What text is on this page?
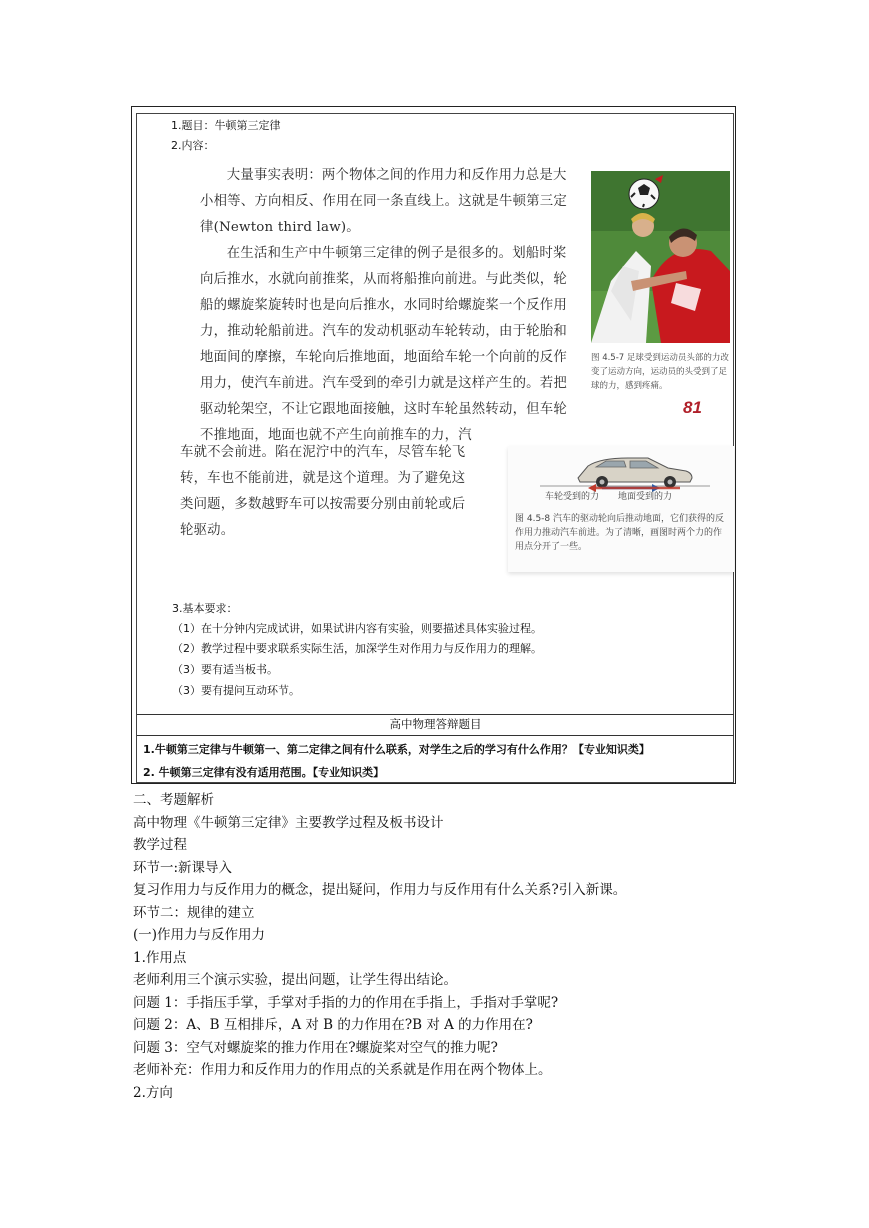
1.题目：牛顿第三定律
2.内容：

大量事实表明：两个物体之间的作用力和反作用力总是大小相等、方向相反、作用在同一条直线上。这就是牛顿第三定律(Newton third law)。

在生活和生产中牛顿第三定律的例子是很多的。划船时桨向后推水，水就向前推桨，从而将船推向前进。与此类似，轮船的螺旋桨旋转时也是向后推水，水同时给螺旋桨一个反作用力，推动轮船前进。汽车的发动机驱动车轮转动，由于轮胎和地面间的摩擦，车轮向后推地面，地面给车轮一个向前的反作用力，使汽车前进。汽车受到的牵引力就是这样产生的。若把驱动轮架空，不让它跟地面接触，这时车轮虽然转动，但车轮不推地面，地面也就不产生向前推车的力，汽

图 4.5-7 足球受到运动员头部的力改变了运动方向，运动员的头受到了足球的力，感到疼痛。
81

车就不会前进。陷在泥泞中的汽车，尽管车轮飞转，车也不能前进，就是这个道理。为了避免这类问题，多数越野车可以按需要分别由前轮或后轮驱动。

车轮受到的力 地面受到的力
图 4.5-8 汽车的驱动轮向后推动地面，它们获得的反作用力推动汽车前进。为了清晰，画图时两个力的作用点分开了一些。
3.基本要求：
（1）在十分钟内完成试讲，如果试讲内容有实验，则要描述具体实验过程。
（2）教学过程中要求联系实际生活，加深学生对作用力与反作用力的理解。
（3）要有适当板书。
（3）要有提问互动环节。
高中物理答辩题目
1.牛顿第三定律与牛顿第一、第二定律之间有什么联系，对学生之后的学习有什么作用？【专业知识类】
2. 牛顿第三定律有没有适用范围。【专业知识类】
二、考题解析
高中物理《牛顿第三定律》主要教学过程及板书设计
教学过程
环节一:新课导入
复习作用力与反作用力的概念，提出疑问，作用力与反作用有什么关系?引入新课。
环节二：规律的建立
(一)作用力与反作用力
1.作用点
老师利用三个演示实验，提出问题，让学生得出结论。
问题 1：手指压手掌，手掌对手指的力的作用在手指上，手指对手掌呢?
问题 2：A、B 互相排斥，A 对 B 的力作用在?B 对 A 的力作用在?
问题 3：空气对螺旋桨的推力作用在?螺旋桨对空气的推力呢?
老师补充：作用力和反作用力的作用点的关系就是作用在两个物体上。
2.方向
